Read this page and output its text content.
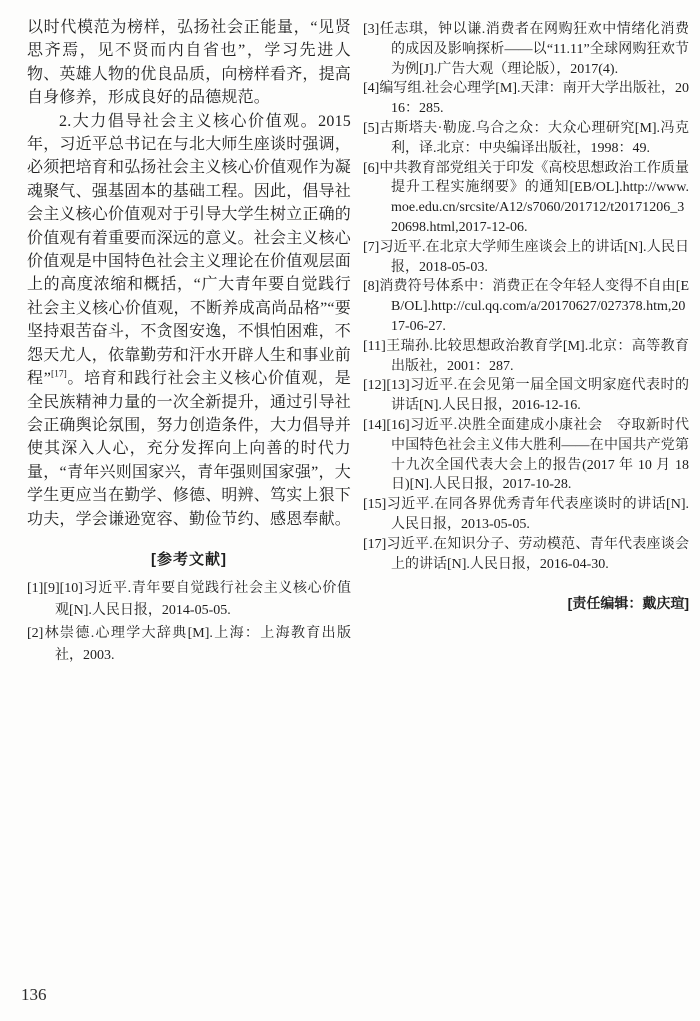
以时代模范为榜样，弘扬社会正能量，“见贤思齐焉，见不贤而内自省也”，学习先进人物、英雄人物的优良品质，向榜样看齐，提高自身修养，形成良好的品德规范。

2.大力倡导社会主义核心价值观。2015 年，习近平总书记在与北大师生座谈时强调，必须把培育和弘扬社会主义核心价值观作为凝魂聚气、强基固本的基础工程。因此，倡导社会主义核心价值观对于引导大学生树立正确的价值观有着重要而深远的意义。社会主义核心价值观是中国特色社会主义理论在价值观层面上的高度浓缩和概括，“广大青年要自觉践行社会主义核心价值观，不断养成高尚品格”“要坚持艰苦奋斗，不贪图安逸，不惧怕困难，不怨天尤人，依靠勤劳和汗水开辟人生和事业前程”[17]。培育和践行社会主义核心价值观，是全民族精神力量的一次全新提升，通过引导社会正确舆论氛围，努力创造条件，大力倡导并使其深入人心，充分发挥向上向善的时代力量，“青年兴则国家兴，青年强则国家强”，大学生更应当在勤学、修德、明辨、笃实上狠下功夫，学会谦逊宽容、勤俭节约、感恩奉献。

[参考文献]

[1][9][10]习近平.青年要自觉践行社会主义核心价值观[N].人民日报，2014-05-05.

[2]林崇德.心理学大辞典[M].上海：上海教育出版社，2003.

[3]任志琪，钟以谦.消费者在网购狂欢中情绪化消费的成因及影响探析——以“11.11”全球网购狂欢节为例[J].广告大观（理论版），2017(4).

[4]编写组.社会心理学[M].天津：南开大学出版社，2016：285.

[5]古斯塔夫·勒庞.乌合之众：大众心理研究[M].冯克利，译.北京：中央编译出版社，1998：49.

[6]中共教育部党组关于印发《高校思想政治工作质量提升工程实施纲要》的通知[EB/OL].http://www.moe.edu.cn/srcsite/A12/s7060/201712/t20171206_320698.html,2017-12-06.

[7]习近平.在北京大学师生座谈会上的讲话[N].人民日报，2018-05-03.

[8]消费符号体系中：消费正在令年轻人变得不自由[EB/OL].http://cul.qq.com/a/20170627/027378.htm,2017-06-27.

[11]王瑞孙.比较思想政治教育学[M].北京：高等教育出版社，2001：287.

[12][13]习近平.在会见第一届全国文明家庭代表时的讲话[N].人民日报，2016-12-16.

[14][16]习近平.决胜全面建成小康社会　夺取新时代中国特色社会主义伟大胜利——在中国共产党第十九次全国代表大会上的报告(2017 年 10 月 18 日)[N].人民日报，2017-10-28.

[15]习近平.在同各界优秀青年代表座谈时的讲话[N].人民日报，2013-05-05.

[17]习近平.在知识分子、劳动模范、青年代表座谈会上的讲话[N].人民日报，2016-04-30.

[责任编辑：戴庆瑄]

136
